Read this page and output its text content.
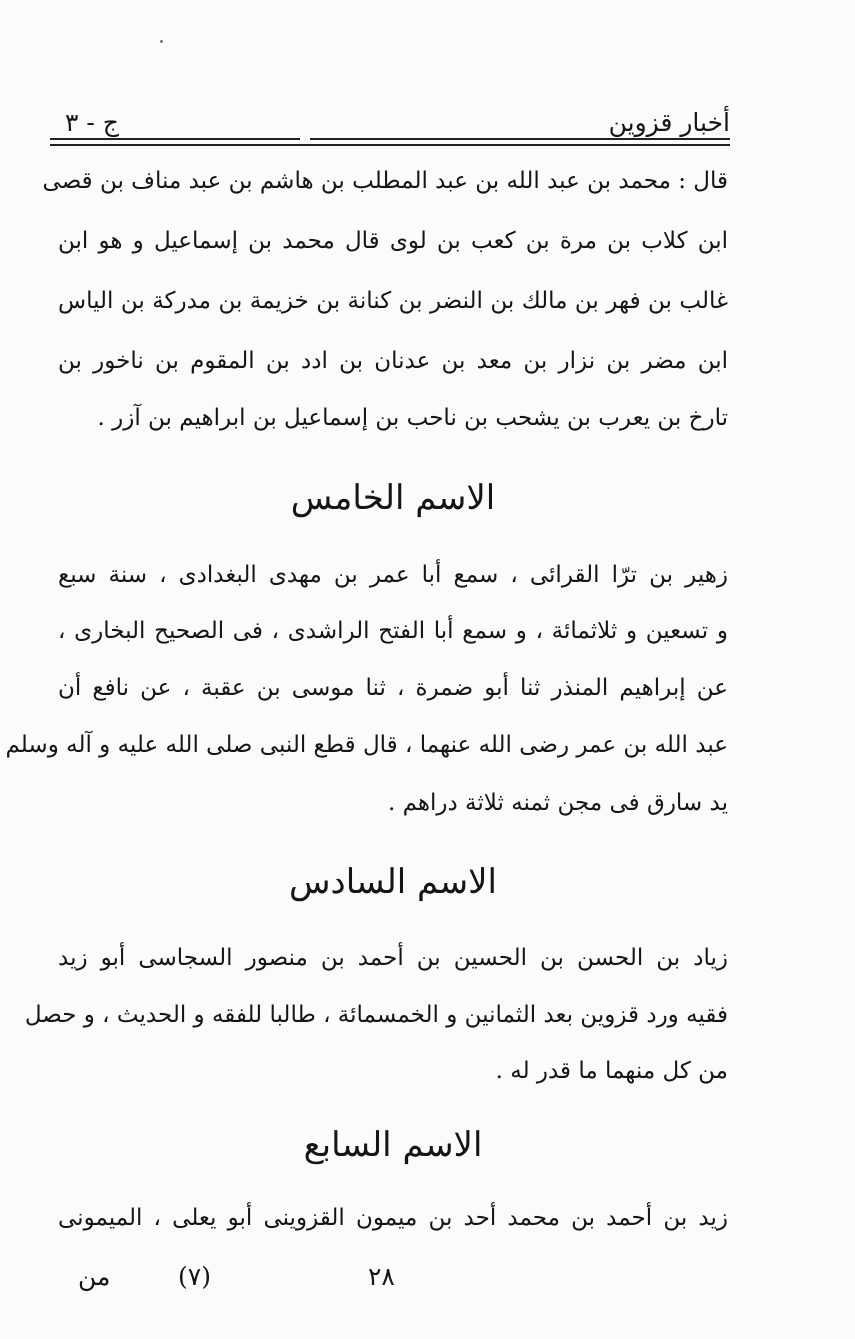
أخبار قزوين
ج - ٣
قال : محمد بن عبد الله بن عبد المطلب بن هاشم بن عبد مناف بن قصى
ابن كلاب بن مرة بن كعب بن لوى قال محمد بن إسماعيل و هو ابن
غالب بن فهر بن مالك بن النضر بن كنانة بن خزيمة بن مدركة بن الياس
ابن مضر بن نزار بن معد بن عدنان بن ادد بن المقوم بن ناخور بن
تارخ بن يعرب بن يشحب بن ناحب بن إسماعيل بن ابراهيم بن آزر .
الاسم الخامس
زهير بن ترّا القرائى ، سمع أبا عمر بن مهدى البغدادى ، سنة سبع
و تسعين و ثلاثمائة ، و سمع أبا الفتح الراشدى ، فى الصحيح البخارى ،
عن إبراهيم المنذر ثنا أبو ضمرة ، ثنا موسى بن عقبة ، عن نافع أن
عبد الله بن عمر رضى الله عنهما ، قال قطع النبى صلى الله عليه و آله وسلم
يد سارق فى مجن ثمنه ثلاثة دراهم .
الاسم السادس
زياد بن الحسن بن الحسين بن أحمد بن منصور السجاسى أبو زيد
فقيه ورد قزوين بعد الثمانين و الخمسمائة ، طالبا للفقه و الحديث ، و حصل
من كل منهما ما قدر له .
الاسم السابع
زيد بن أحمد بن محمد أحد بن ميمون القزوينى أبو يعلى ، الميمونى
٢٨
(٧)
من
